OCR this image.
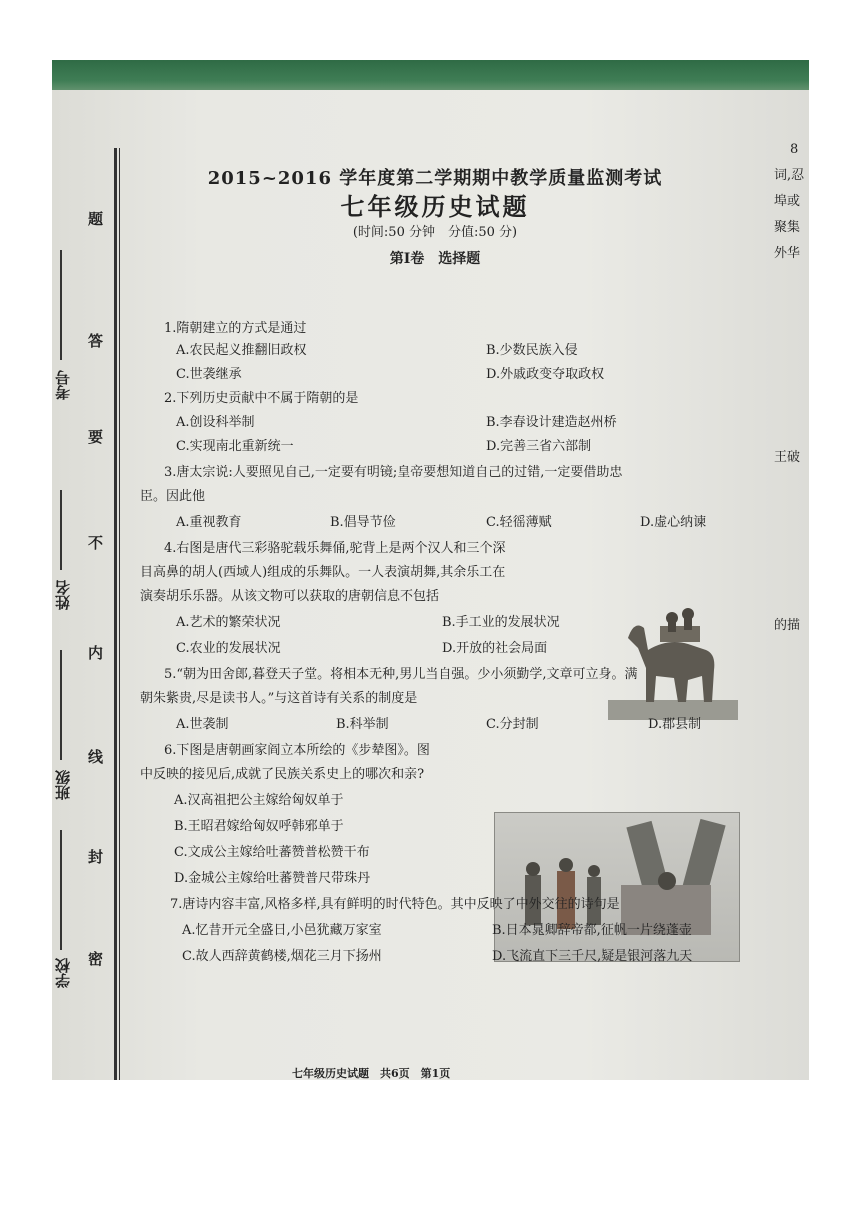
考号
姓名
班级
学校
题
答
要
不
内
线
封
密
8
词,忍
埠或
聚集
外华
王破
的描
2015~2016 学年度第二学期期中教学质量监测考试
七年级历史试题
(时间:50 分钟　分值:50 分)
第Ⅰ卷　选择题
1.隋朝建立的方式是通过
A.农民起义推翻旧政权	B.少数民族入侵
C.世袭继承	D.外戚政变夺取政权
2.下列历史贡献中不属于隋朝的是
A.创设科举制	B.李春设计建造赵州桥
C.实现南北重新统一	D.完善三省六部制
3.唐太宗说:人要照见自己,一定要有明镜;皇帝要想知道自己的过错,一定要借助忠
臣。因此他
A.重视教育	B.倡导节俭	C.轻徭薄赋	D.虚心纳谏
4.右图是唐代三彩骆驼载乐舞俑,驼背上是两个汉人和三个深
目高鼻的胡人(西域人)组成的乐舞队。一人表演胡舞,其余乐工在
演奏胡乐乐器。从该文物可以获取的唐朝信息不包括
A.艺术的繁荣状况	B.手工业的发展状况
C.农业的发展状况	D.开放的社会局面
5.“朝为田舍郎,暮登天子堂。将相本无种,男儿当自强。少小须勤学,文章可立身。满
朝朱紫贵,尽是读书人。”与这首诗有关系的制度是
A.世袭制	B.科举制	C.分封制	D.郡县制
6.下图是唐朝画家阎立本所绘的《步辇图》。图
中反映的接见后,成就了民族关系史上的哪次和亲?
A.汉高祖把公主嫁给匈奴单于
B.王昭君嫁给匈奴呼韩邪单于
C.文成公主嫁给吐蕃赞普松赞干布
D.金城公主嫁给吐蕃赞普尺带珠丹
7.唐诗内容丰富,风格多样,具有鲜明的时代特色。其中反映了中外交往的诗句是
A.忆昔开元全盛日,小邑犹藏万家室	B.日本晁卿辞帝都,征帆一片绕蓬壶
C.故人西辞黄鹤楼,烟花三月下扬州	D.飞流直下三千尺,疑是银河落九天
七年级历史试题　共6页　第1页
